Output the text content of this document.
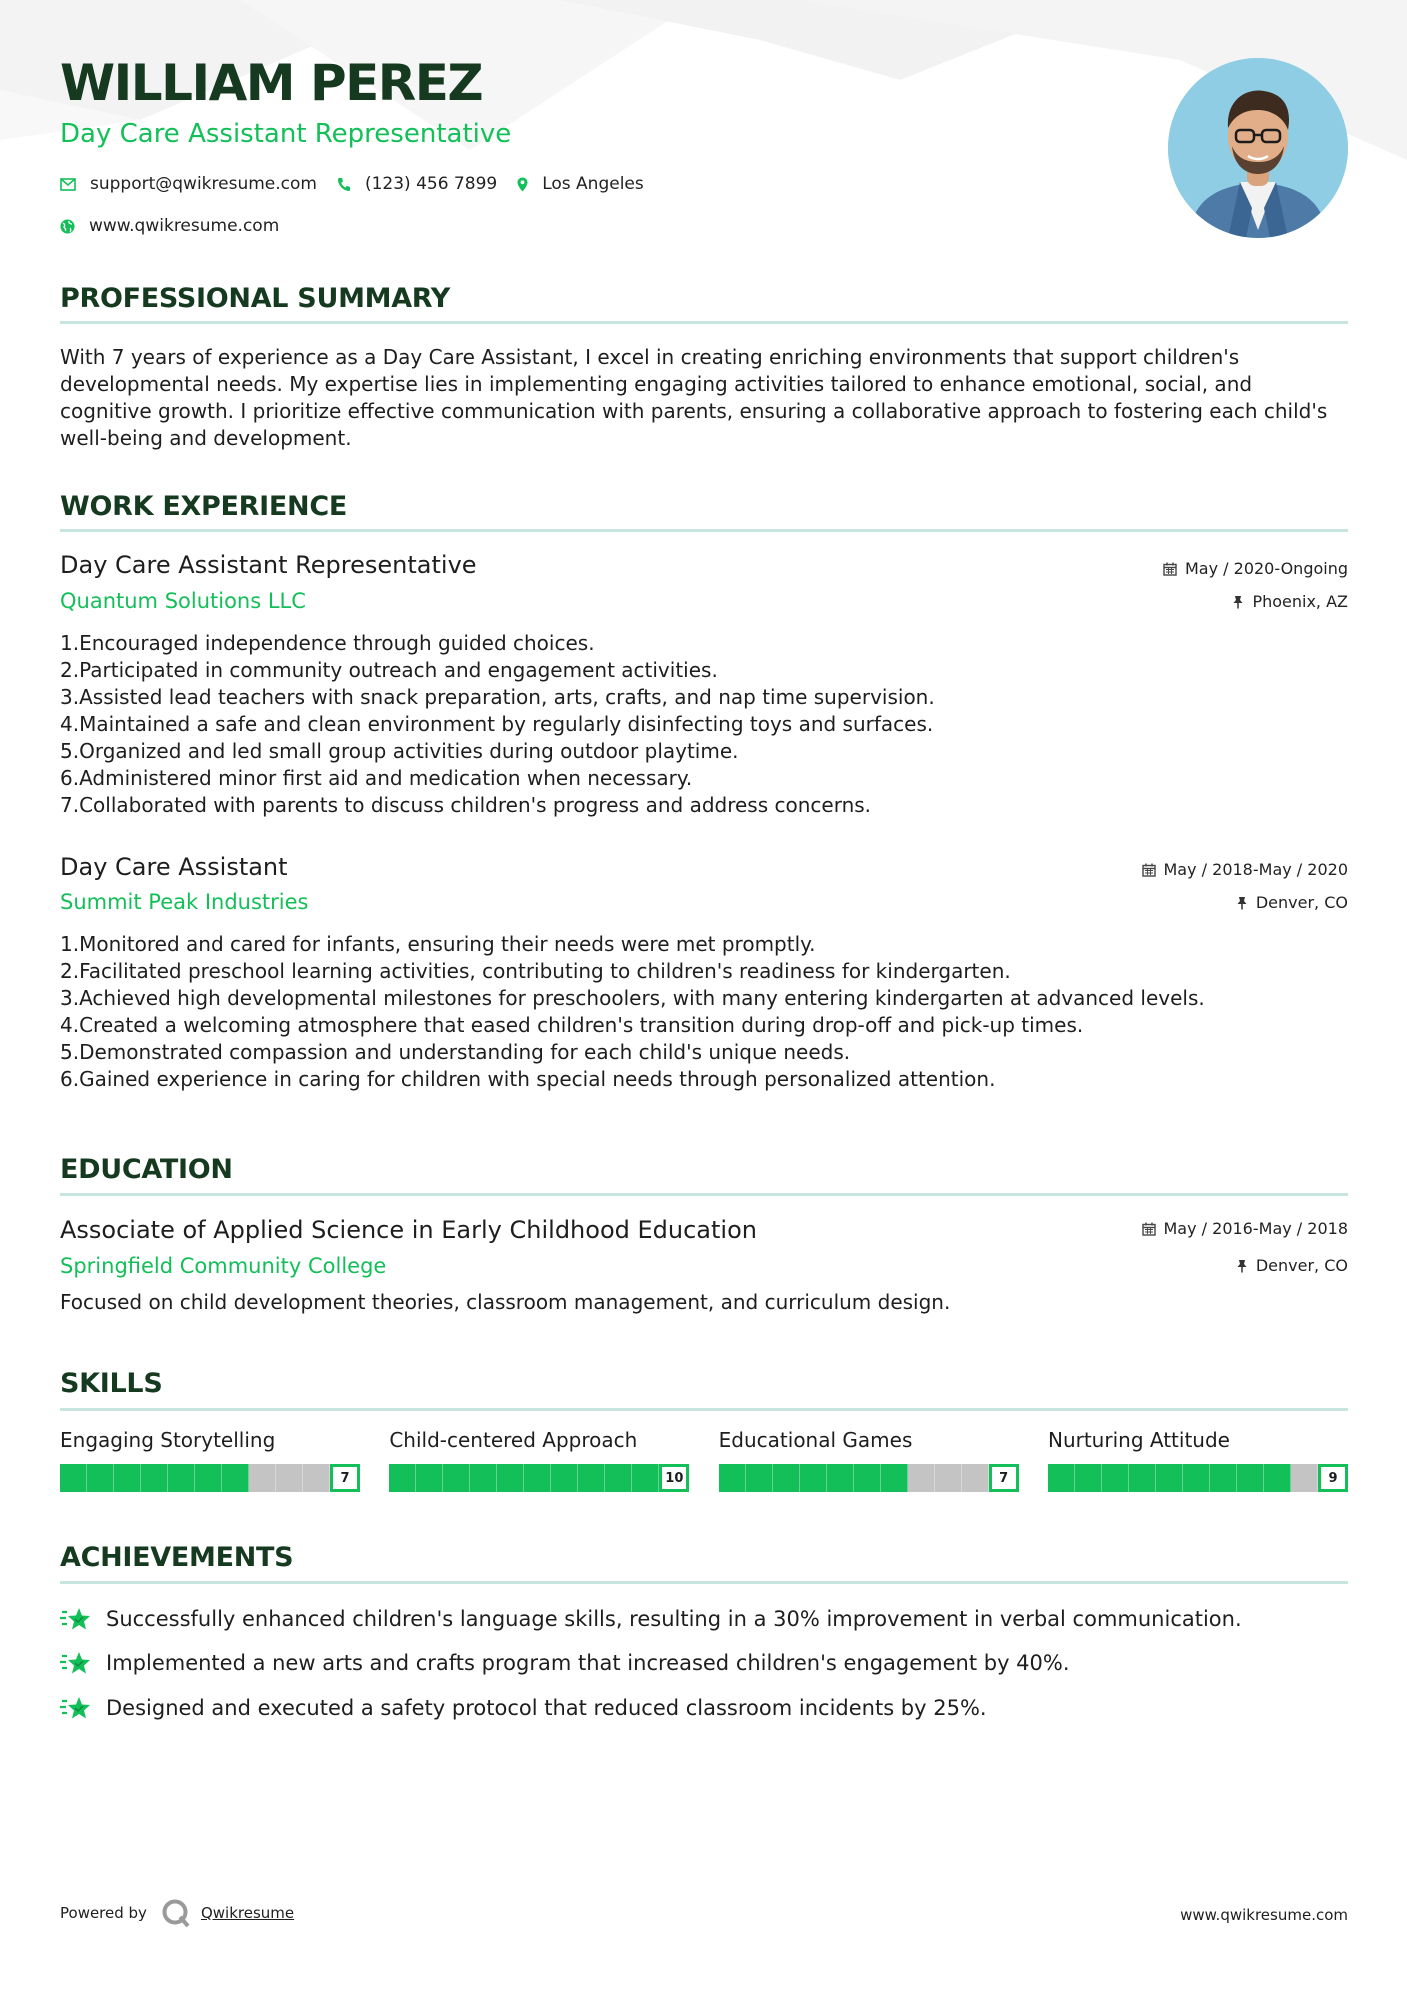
WILLIAM PEREZ
Day Care Assistant Representative
support@qwikresume.com	(123) 456 7899	Los Angeles
www.qwikresume.com
PROFESSIONAL SUMMARY
With 7 years of experience as a Day Care Assistant, I excel in creating enriching environments that support children's developmental needs. My expertise lies in implementing engaging activities tailored to enhance emotional, social, and cognitive growth. I prioritize effective communication with parents, ensuring a collaborative approach to fostering each child's well-being and development.
WORK EXPERIENCE
Day Care Assistant Representative
Quantum Solutions LLC
May / 2020-Ongoing
Phoenix, AZ
1. Encouraged independence through guided choices.
2. Participated in community outreach and engagement activities.
3. Assisted lead teachers with snack preparation, arts, crafts, and nap time supervision.
4. Maintained a safe and clean environment by regularly disinfecting toys and surfaces.
5. Organized and led small group activities during outdoor playtime.
6. Administered minor first aid and medication when necessary.
7. Collaborated with parents to discuss children's progress and address concerns.
Day Care Assistant
Summit Peak Industries
May / 2018-May / 2020
Denver, CO
1. Monitored and cared for infants, ensuring their needs were met promptly.
2. Facilitated preschool learning activities, contributing to children's readiness for kindergarten.
3. Achieved high developmental milestones for preschoolers, with many entering kindergarten at advanced levels.
4. Created a welcoming atmosphere that eased children's transition during drop-off and pick-up times.
5. Demonstrated compassion and understanding for each child's unique needs.
6. Gained experience in caring for children with special needs through personalized attention.
EDUCATION
Associate of Applied Science in Early Childhood Education
Springfield Community College
May / 2016-May / 2018
Denver, CO
Focused on child development theories, classroom management, and curriculum design.
SKILLS
Engaging Storytelling
7
Child-centered Approach
10
Educational Games
7
Nurturing Attitude
9
ACHIEVEMENTS
Successfully enhanced children's language skills, resulting in a 30% improvement in verbal communication.
Implemented a new arts and crafts program that increased children's engagement by 40%.
Designed and executed a safety protocol that reduced classroom incidents by 25%.
Powered by	Qwikresume	www.qwikresume.com
